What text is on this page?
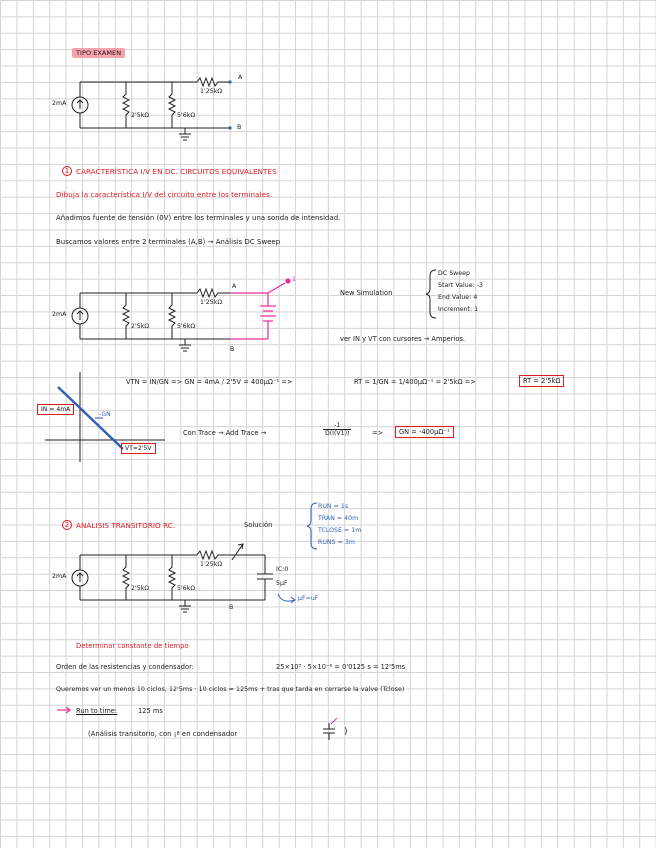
TIPO EXAMEN
2mA
2'5kΩ	5'6kΩ
1'25kΩ
A
B
1 CARACTERÍSTICA I/V EN DC. CIRCUITOS EQUIVALENTES
Dibuja la característica I/V del circuito entre los terminales.
Añadimos fuente de tensión (0V) entre los terminales y una sonda de intensidad.
Buscamos valores entre 2 terminales (A,B) → Análisis DC Sweep
2mA
2'5kΩ	5'6kΩ
1'25kΩ
A
B
1
New Simulation
DC Sweep
Start Value: -3
End Value: 4
Increment: 1
ver IN y VT con cursores → Amperios.
VTN = IN/GN => GN = 4mA / 2'5V = 400μΩ⁻¹ =>	RT = 1/GN = 1/400μΩ⁻¹ = 2'5kΩ =>	RT = 2'5kΩ
IN = 4mA
-GN
VT=2'5V
Con Trace → Add Trace →	$\frac{-1}{D(I(V1))}$	=>	GN = -400μΩ⁻¹
2 ANÁLISIS TRANSITORIO RC.	Solución
RUN = 1s
TRAN = 40m
TCLOSE = 1m
RUNS = 3m
2mA
2'5kΩ	5'6kΩ
1'25kΩ
IC:0
5μF
μF=uF
B
Determinar constante de tiempo
Orden de las resistencias y condensador:	25×10³ · 5×10⁻⁶ = 0'0125 s = 12'5ms
Queremos ver un menos 10 ciclos, 12'5ms · 10 ciclos = 125ms + tras que tarda en cerrarse la valve (Tclose)
Run to time:	125 ms
(Análisis transitorio, con ¡ª en condensador	)
